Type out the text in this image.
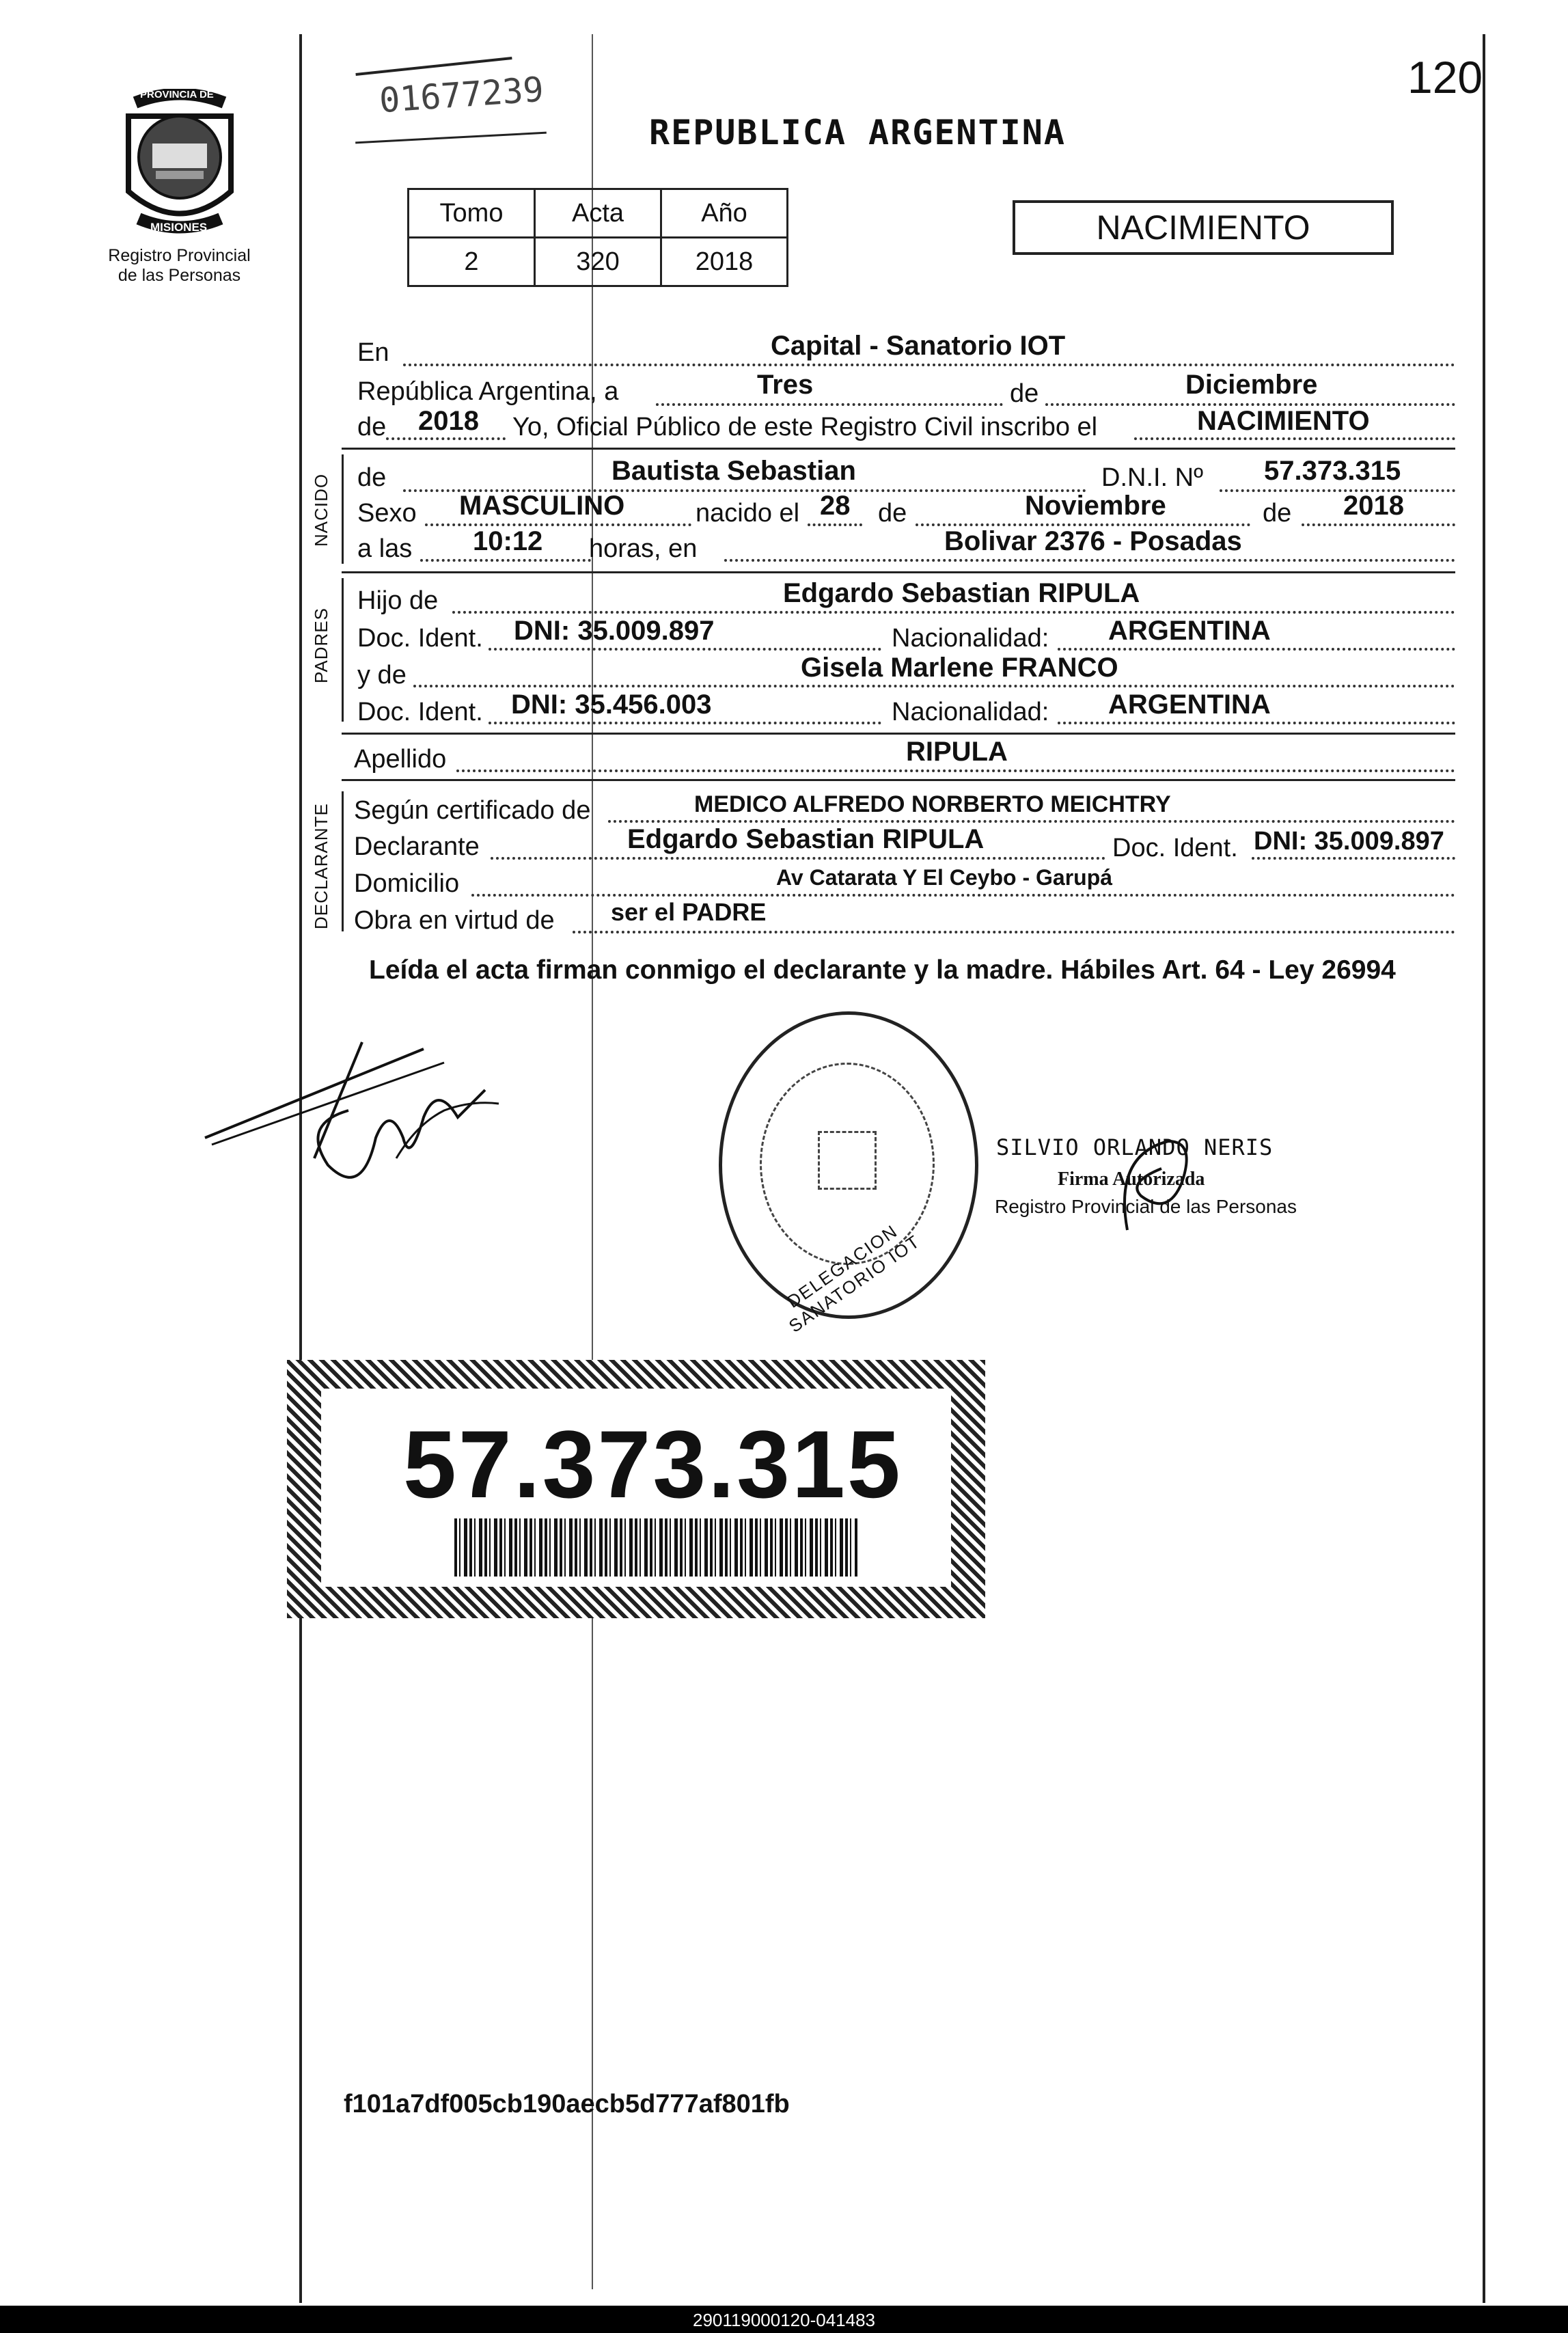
120
PROVINCIA DE
MISIONES
Registro Provincial
de las Personas
01677239
REPUBLICA ARGENTINA
Tomo	Acta	Año
2	320	2018
NACIMIENTO
En	Capital - Sanatorio IOT
República Argentina, a	Tres	de	Diciembre
de 2018 Yo, Oficial Público de este Registro Civil inscribo el	NACIMIENTO
NACIDO de	Bautista Sebastian	D.N.I. Nº 57.373.315
Sexo MASCULINO	nacido el 28 de	Noviembre	de 2018
a las 10:12 horas, en	Bolivar 2376 - Posadas
PADRES
Hijo de	Edgardo Sebastian RIPULA
Doc. Ident. DNI: 35.009.897	Nacionalidad: ARGENTINA
y de	Gisela Marlene FRANCO
Doc. Ident. DNI: 35.456.003	Nacionalidad: ARGENTINA
Apellido	RIPULA
DECLARANTE Según certificado de	MEDICO ALFREDO NORBERTO MEICHTRY
Declarante	Edgardo Sebastian RIPULA	Doc. Ident. DNI: 35.009.897
Domicilio	Av Catarata Y El Ceybo - Garupá
Obra en virtud de ser el PADRE
Leída el acta firman conmigo el declarante y la madre. Hábiles Art. 64 - Ley 26994
DELEGACION SANATORIO IOT
SILVIO ORLANDO NERIS
Firma Autorizada
Registro Provincial de las Personas
57.373.315
f101a7df005cb190aecb5d777af801fb
290119000120-041483
